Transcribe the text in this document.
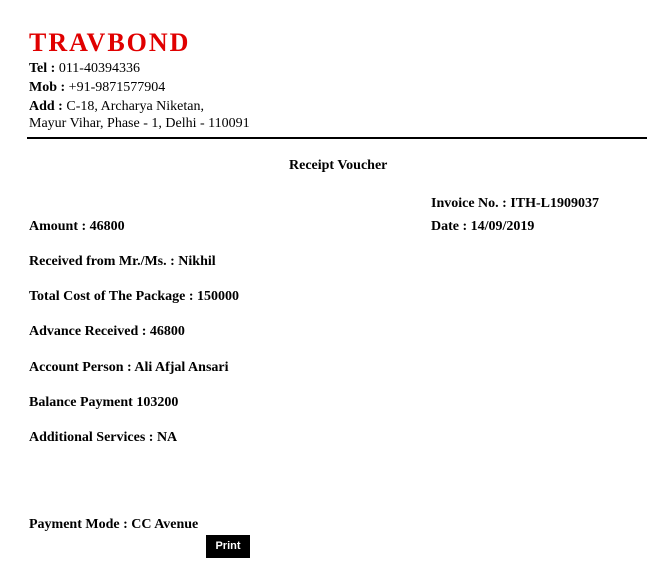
TRAVBOND
Tel : 011-40394336
Mob : +91-9871577904
Add : C-18, Archarya Niketan,
Mayur Vihar, Phase - 1, Delhi - 110091
Receipt Voucher
Invoice No. : ITH-L1909037
Date : 14/09/2019
Amount : 46800
Received from Mr./Ms. : Nikhil
Total Cost of The Package : 150000
Advance Received : 46800
Account Person : Ali Afjal Ansari
Balance Payment 103200
Additional Services : NA
Payment Mode : CC Avenue
Print
